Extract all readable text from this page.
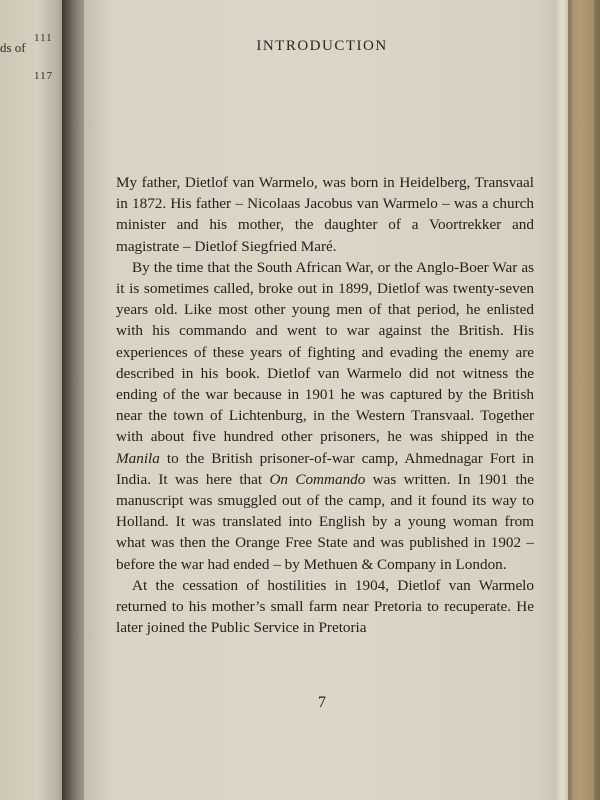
ds of
111
117
INTRODUCTION

My father, Dietlof van Warmelo, was born in Heidelberg, Transvaal in 1872. His father – Nicolaas Jacobus van Warmelo – was a church minister and his mother, the daughter of a Voortrekker and magistrate – Dietlof Siegfried Maré.

By the time that the South African War, or the Anglo-Boer War as it is sometimes called, broke out in 1899, Dietlof was twenty-seven years old. Like most other young men of that period, he enlisted with his commando and went to war against the British. His experiences of these years of fighting and evading the enemy are described in his book. Dietlof van Warmelo did not witness the ending of the war because in 1901 he was captured by the British near the town of Lichtenburg, in the Western Transvaal. Together with about five hundred other prisoners, he was shipped in the Manila to the British prisoner-of-war camp, Ahmednagar Fort in India. It was here that On Commando was written. In 1901 the manuscript was smuggled out of the camp, and it found its way to Holland. It was translated into English by a young woman from what was then the Orange Free State and was published in 1902 – before the war had ended – by Methuen & Company in London.

At the cessation of hostilities in 1904, Dietlof van Warmelo returned to his mother’s small farm near Pretoria to recuperate. He later joined the Public Service in Pretoria

7
